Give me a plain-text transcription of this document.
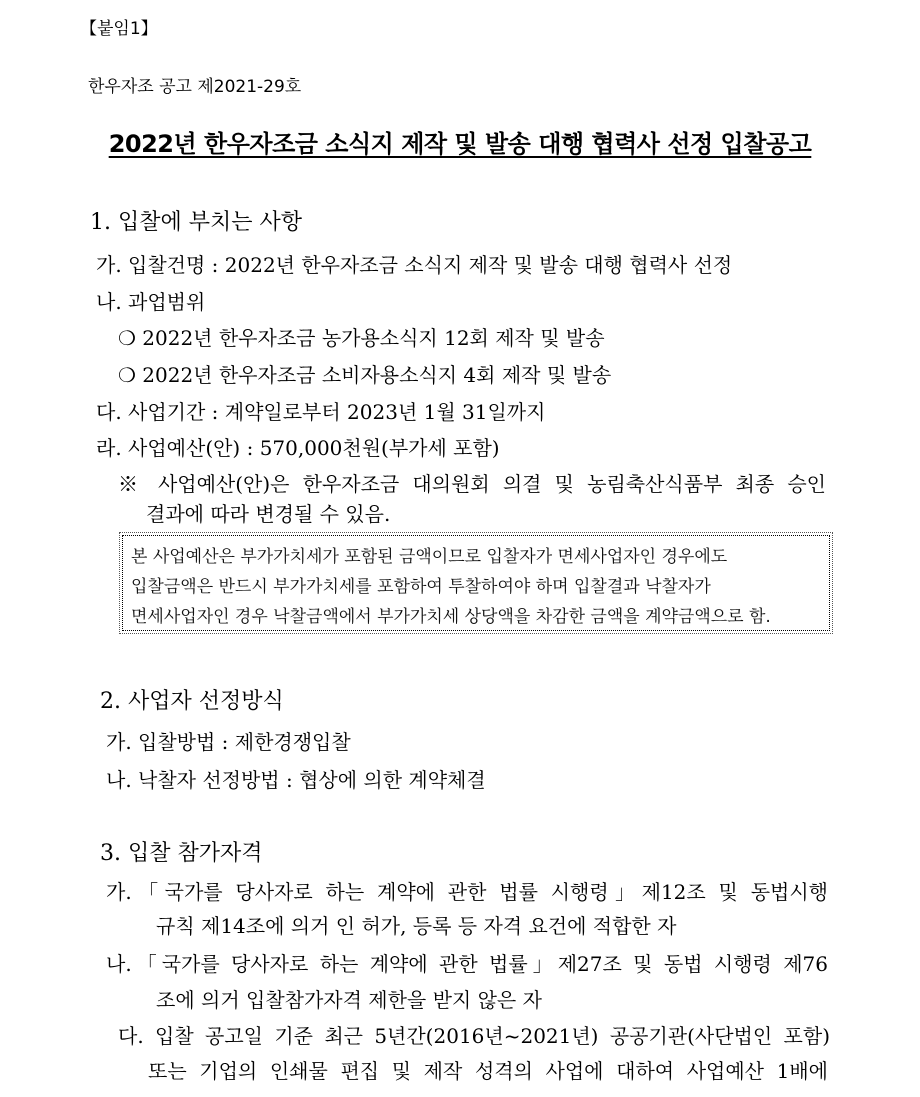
【붙임1】
한우자조 공고 제2021-29호
2022년 한우자조금 소식지 제작 및 발송 대행 협력사 선정 입찰공고
1. 입찰에 부치는 사항
가. 입찰건명 : 2022년 한우자조금 소식지 제작 및 발송 대행 협력사 선정
나. 과업범위
❍ 2022년 한우자조금 농가용소식지 12회 제작 및 발송
❍ 2022년 한우자조금 소비자용소식지 4회 제작 및 발송
다. 사업기간 : 계약일로부터 2023년 1월 31일까지
라. 사업예산(안) : 570,000천원(부가세 포함)
※ 사업예산(안)은 한우자조금 대의원회 의결 및 농림축산식품부 최종 승인
결과에 따라 변경될 수 있음.
본 사업예산은 부가가치세가 포함된 금액이므로 입찰자가 면세사업자인 경우에도
입찰금액은 반드시 부가가치세를 포함하여 투찰하여야 하며 입찰결과 낙찰자가
면세사업자인 경우 낙찰금액에서 부가가치세 상당액을 차감한 금액을 계약금액으로 함.
2. 사업자 선정방식
가. 입찰방법 : 제한경쟁입찰
나. 낙찰자 선정방법 : 협상에 의한 계약체결
3. 입찰 참가자격
가.「국가를 당사자로 하는 계약에 관한 법률 시행령」제12조 및 동법시행
규칙 제14조에 의거 인 허가, 등록 등 자격 요건에 적합한 자
나.「국가를 당사자로 하는 계약에 관한 법률」제27조 및 동법 시행령 제76
조에 의거 입찰참가자격 제한을 받지 않은 자
다. 입찰 공고일 기준 최근 5년간(2016년~2021년) 공공기관(사단법인 포함)
또는 기업의 인쇄물 편집 및 제작 성격의 사업에 대하여 사업예산 1배에
